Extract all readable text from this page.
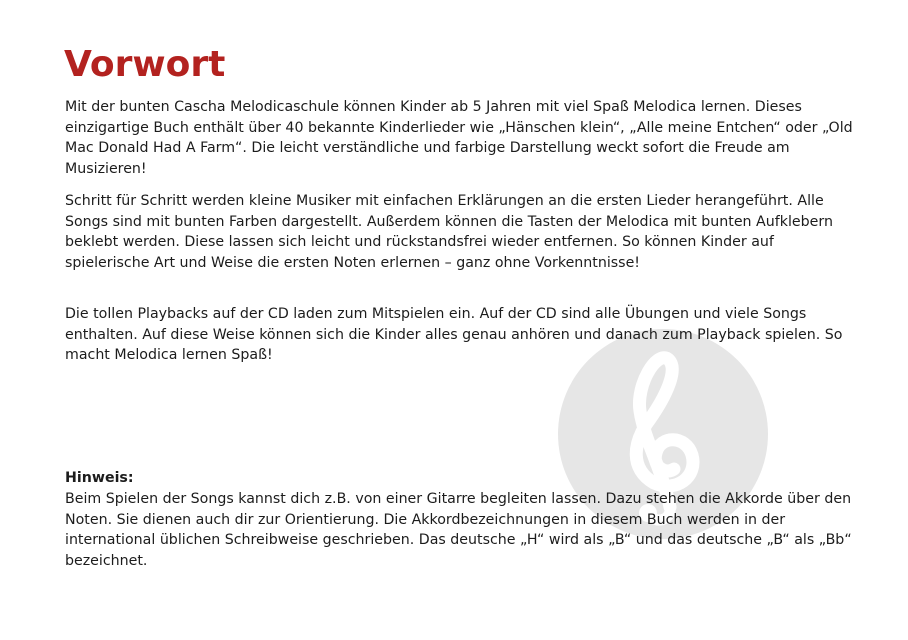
Vorwort

Mit der bunten Cascha Melodicaschule können Kinder ab 5 Jahren mit viel Spaß Melodica lernen. Dieses einzigartige Buch enthält über 40 bekannte Kinderlieder wie „Hänschen klein“, „Alle meine Entchen“ oder „Old Mac Donald Had A Farm“. Die leicht verständliche und farbige Darstellung weckt sofort die Freude am Musizieren!

Schritt für Schritt werden kleine Musiker mit einfachen Erklärungen an die ersten Lieder herangeführt. Alle Songs sind mit bunten Farben dargestellt. Außerdem können die Tasten der Melodica mit bunten Aufklebern beklebt werden. Diese lassen sich leicht und rückstandsfrei wieder entfernen. So können Kinder auf spielerische Art und Weise die ersten Noten erlernen – ganz ohne Vorkenntnisse!

Die tollen Playbacks auf der CD laden zum Mitspielen ein. Auf der CD sind alle Übungen und viele Songs enthalten. Auf diese Weise können sich die Kinder alles genau anhören und danach zum Playback spielen. So macht Melodica lernen Spaß!

Hinweis:

Beim Spielen der Songs kannst dich z.B. von einer Gitarre begleiten lassen. Dazu stehen die Akkorde über den Noten. Sie dienen auch dir zur Orientierung. Die Akkordbezeichnungen in diesem Buch werden in der international üblichen Schreibweise geschrieben. Das deutsche „H“ wird als „B“ und das deutsche „B“ als „Bb“ bezeichnet.
